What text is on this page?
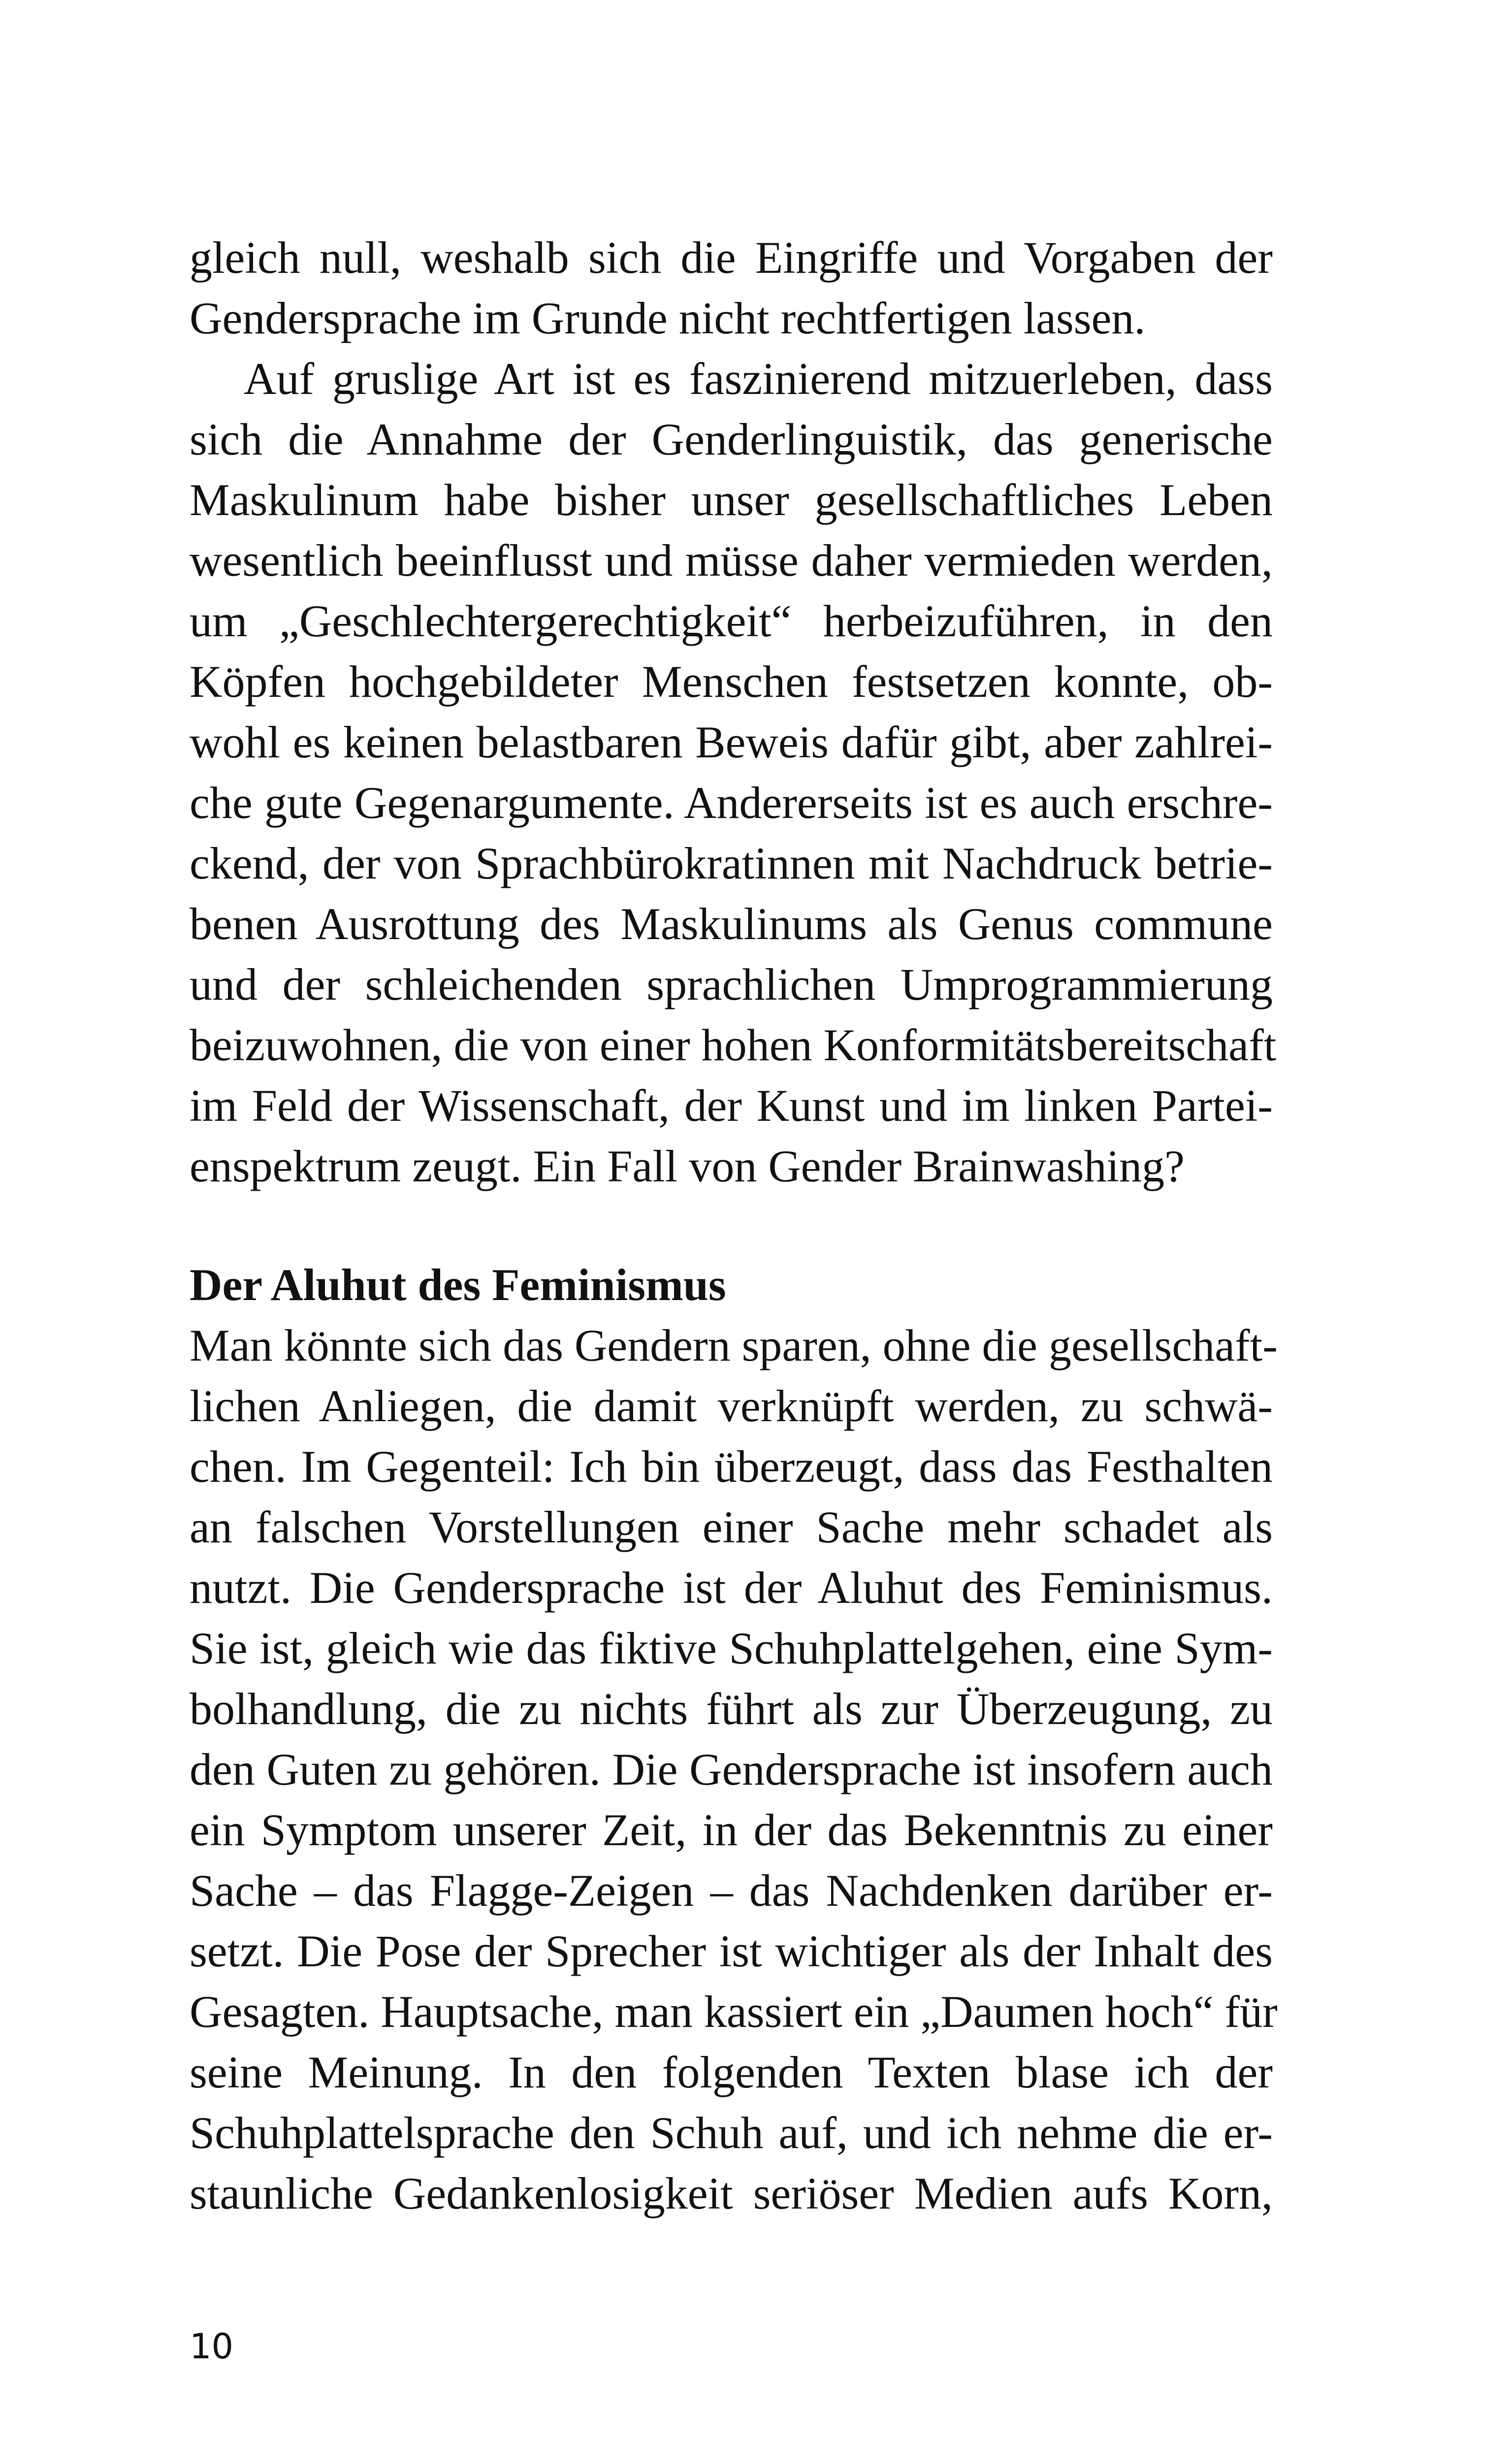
gleich null, weshalb sich die Eingriffe und Vorgaben der
Gendersprache im Grunde nicht rechtfertigen lassen.
Auf gruslige Art ist es faszinierend mitzuerleben, dass
sich die Annahme der Genderlinguistik, das generische
Maskulinum habe bisher unser gesellschaftliches Leben
wesentlich beeinflusst und müsse daher vermieden werden,
um „Geschlechtergerechtigkeit“ herbeizuführen, in den
Köpfen hochgebildeter Menschen festsetzen konnte, ob-
wohl es keinen belastbaren Beweis dafür gibt, aber zahlrei-
che gute Gegenargumente. Andererseits ist es auch erschre-
ckend, der von Sprachbürokratinnen mit Nachdruck betrie-
benen Ausrottung des Maskulinums als Genus commune
und der schleichenden sprachlichen Umprogrammierung
beizuwohnen, die von einer hohen Konformitätsbereitschaft
im Feld der Wissenschaft, der Kunst und im linken Partei-
enspektrum zeugt. Ein Fall von Gender Brainwashing?
Der Aluhut des Feminismus
Man könnte sich das Gendern sparen, ohne die gesellschaft-
lichen Anliegen, die damit verknüpft werden, zu schwä-
chen. Im Gegenteil: Ich bin überzeugt, dass das Festhalten
an falschen Vorstellungen einer Sache mehr schadet als
nutzt. Die Gendersprache ist der Aluhut des Feminismus.
Sie ist, gleich wie das fiktive Schuhplattelgehen, eine Sym-
bolhandlung, die zu nichts führt als zur Überzeugung, zu
den Guten zu gehören. Die Gendersprache ist insofern auch
ein Symptom unserer Zeit, in der das Bekenntnis zu einer
Sache – das Flagge-Zeigen – das Nachdenken darüber er-
setzt. Die Pose der Sprecher ist wichtiger als der Inhalt des
Gesagten. Hauptsache, man kassiert ein „Daumen hoch“ für
seine Meinung. In den folgenden Texten blase ich der
Schuhplattelsprache den Schuh auf, und ich nehme die er-
staunliche Gedankenlosigkeit seriöser Medien aufs Korn,
10
